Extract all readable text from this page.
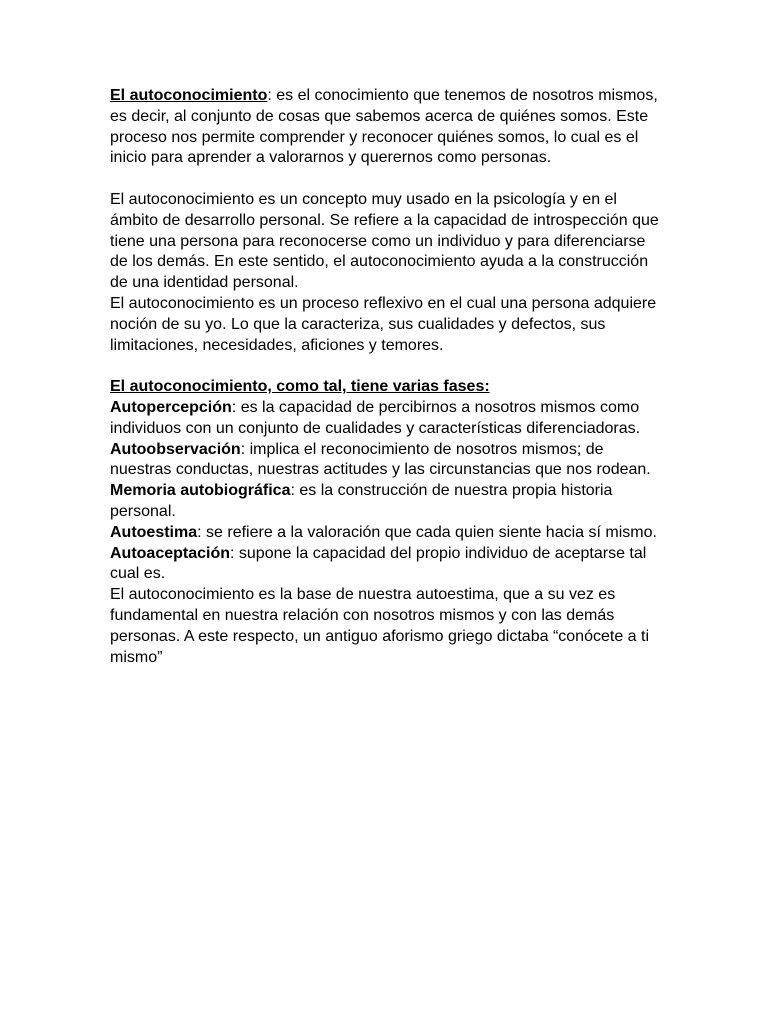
El autoconocimiento: es el conocimiento que tenemos de nosotros mismos, es decir, al conjunto de cosas que sabemos acerca de quiénes somos. Este proceso nos permite comprender y reconocer quiénes somos, lo cual es el inicio para aprender a valorarnos y querernos como personas.

El autoconocimiento es un concepto muy usado en la psicología y en el ámbito de desarrollo personal. Se refiere a la capacidad de introspección que tiene una persona para reconocerse como un individuo y para diferenciarse de los demás. En este sentido, el autoconocimiento ayuda a la construcción de una identidad personal.

El autoconocimiento es un proceso reflexivo en el cual una persona adquiere noción de su yo. Lo que la caracteriza, sus cualidades y defectos, sus limitaciones, necesidades, aficiones y temores.

El autoconocimiento, como tal, tiene varias fases:

Autopercepción: es la capacidad de percibirnos a nosotros mismos como individuos con un conjunto de cualidades y características diferenciadoras.

Autoobservación: implica el reconocimiento de nosotros mismos; de nuestras conductas, nuestras actitudes y las circunstancias que nos rodean.

Memoria autobiográfica: es la construcción de nuestra propia historia personal.

Autoestima: se refiere a la valoración que cada quien siente hacia sí mismo.

Autoaceptación: supone la capacidad del propio individuo de aceptarse tal cual es.

El autoconocimiento es la base de nuestra autoestima, que a su vez es fundamental en nuestra relación con nosotros mismos y con las demás personas. A este respecto, un antiguo aforismo griego dictaba “conócete a ti mismo”
